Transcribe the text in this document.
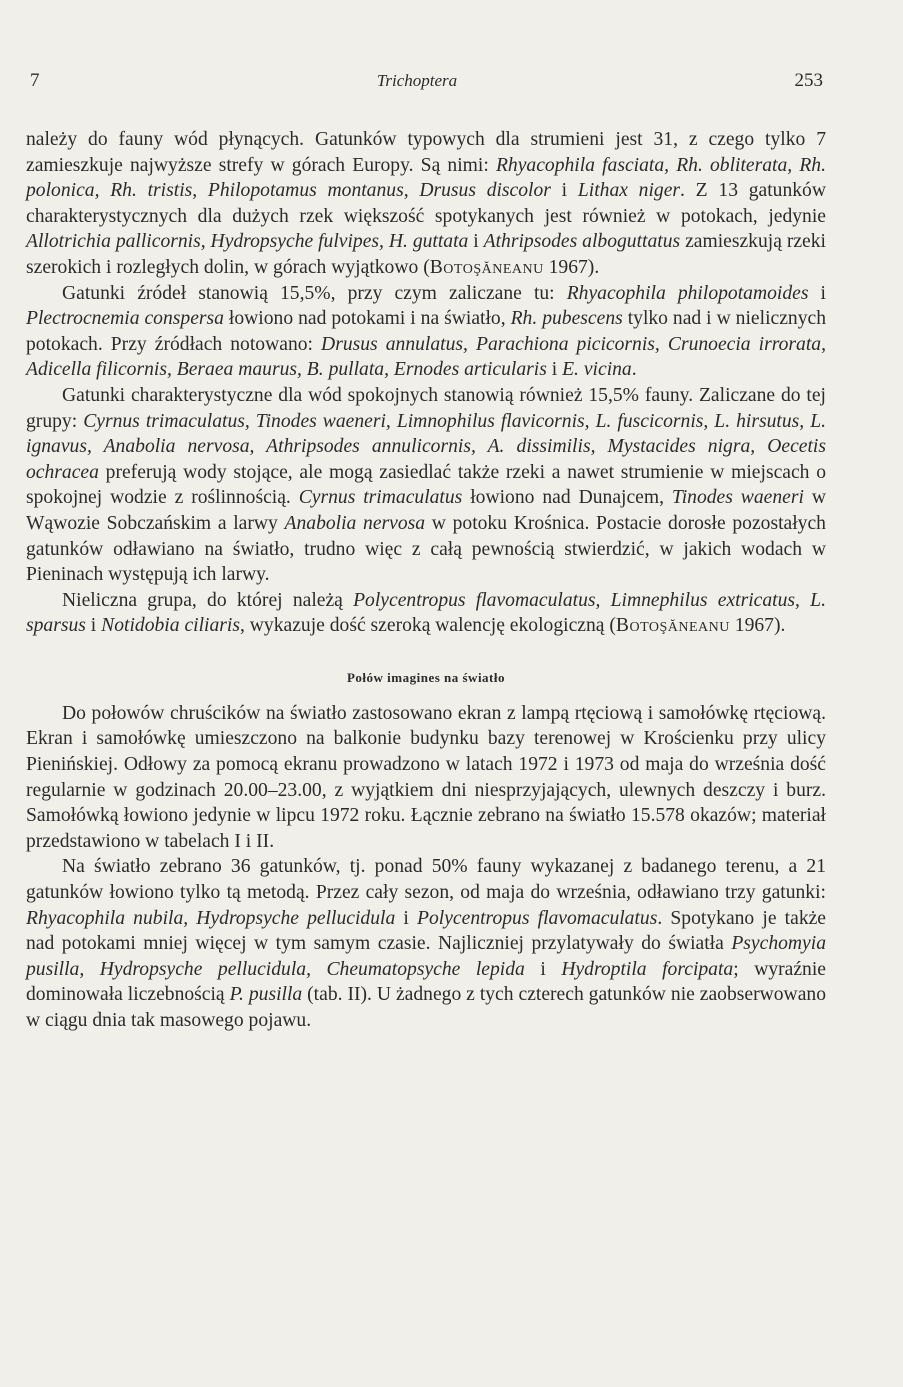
7	Trichoptera	253

należy do fauny wód płynących. Gatunków typowych dla strumieni jest 31, z czego tylko 7 zamieszkuje najwyższe strefy w górach Europy. Są nimi: Rhyacophila fasciata, Rh. obliterata, Rh. polonica, Rh. tristis, Philopotamus montanus, Drusus discolor i Lithax niger. Z 13 gatunków charakterystycznych dla dużych rzek większość spotykanych jest również w potokach, jedynie Allotrichia pallicornis, Hydropsyche fulvipes, H. guttata i Athripsodes alboguttatus zamieszkują rzeki szerokich i rozległych dolin, w górach wyjątkowo (Botoşăneanu 1967).

Gatunki źródeł stanowią 15,5%, przy czym zaliczane tu: Rhyacophila philopotamoides i Plectrocnemia conspersa łowiono nad potokami i na światło, Rh. pubescens tylko nad i w nielicznych potokach. Przy źródłach notowano: Drusus annulatus, Parachiona picicornis, Crunoecia irrorata, Adicella filicornis, Beraea maurus, B. pullata, Ernodes articularis i E. vicina.

Gatunki charakterystyczne dla wód spokojnych stanowią również 15,5% fauny. Zaliczane do tej grupy: Cyrnus trimaculatus, Tinodes waeneri, Limnophilus flavicornis, L. fuscicornis, L. hirsutus, L. ignavus, Anabolia nervosa, Athripsodes annulicornis, A. dissimilis, Mystacides nigra, Oecetis ochracea preferują wody stojące, ale mogą zasiedlać także rzeki a nawet strumienie w miejscach o spokojnej wodzie z roślinnością. Cyrnus trimaculatus łowiono nad Dunajcem, Tinodes waeneri w Wąwozie Sobczańskim a larwy Anabolia nervosa w potoku Krośnica. Postacie dorosłe pozostałych gatunków odławiano na światło, trudno więc z całą pewnością stwierdzić, w jakich wodach w Pieninach występują ich larwy.

Nieliczna grupa, do której należą Polycentropus flavomaculatus, Limnephilus extricatus, L. sparsus i Notidobia ciliaris, wykazuje dość szeroką walencję ekologiczną (Botoşăneanu 1967).

Połów imagines na światło

Do połowów chruścików na światło zastosowano ekran z lampą rtęciową i samołówkę rtęciową. Ekran i samołówkę umieszczono na balkonie budynku bazy terenowej w Krościenku przy ulicy Pienińskiej. Odłowy za pomocą ekranu prowadzono w latach 1972 i 1973 od maja do września dość regularnie w godzinach 20.00–23.00, z wyjątkiem dni niesprzyjających, ulewnych deszczy i burz. Samołówką łowiono jedynie w lipcu 1972 roku. Łącznie zebrano na światło 15.578 okazów; materiał przedstawiono w tabelach I i II.

Na światło zebrano 36 gatunków, tj. ponad 50% fauny wykazanej z badanego terenu, a 21 gatunków łowiono tylko tą metodą. Przez cały sezon, od maja do września, odławiano trzy gatunki: Rhyacophila nubila, Hydropsyche pellucidula i Polycentropus flavomaculatus. Spotykano je także nad potokami mniej więcej w tym samym czasie. Najliczniej przylatywały do światła Psychomyia pusilla, Hydropsyche pellucidula, Cheumatopsyche lepida i Hydroptila forcipata; wyraźnie dominowała liczebnością P. pusilla (tab. II). U żadnego z tych czterech gatunków nie zaobserwowano w ciągu dnia tak masowego pojawu.
